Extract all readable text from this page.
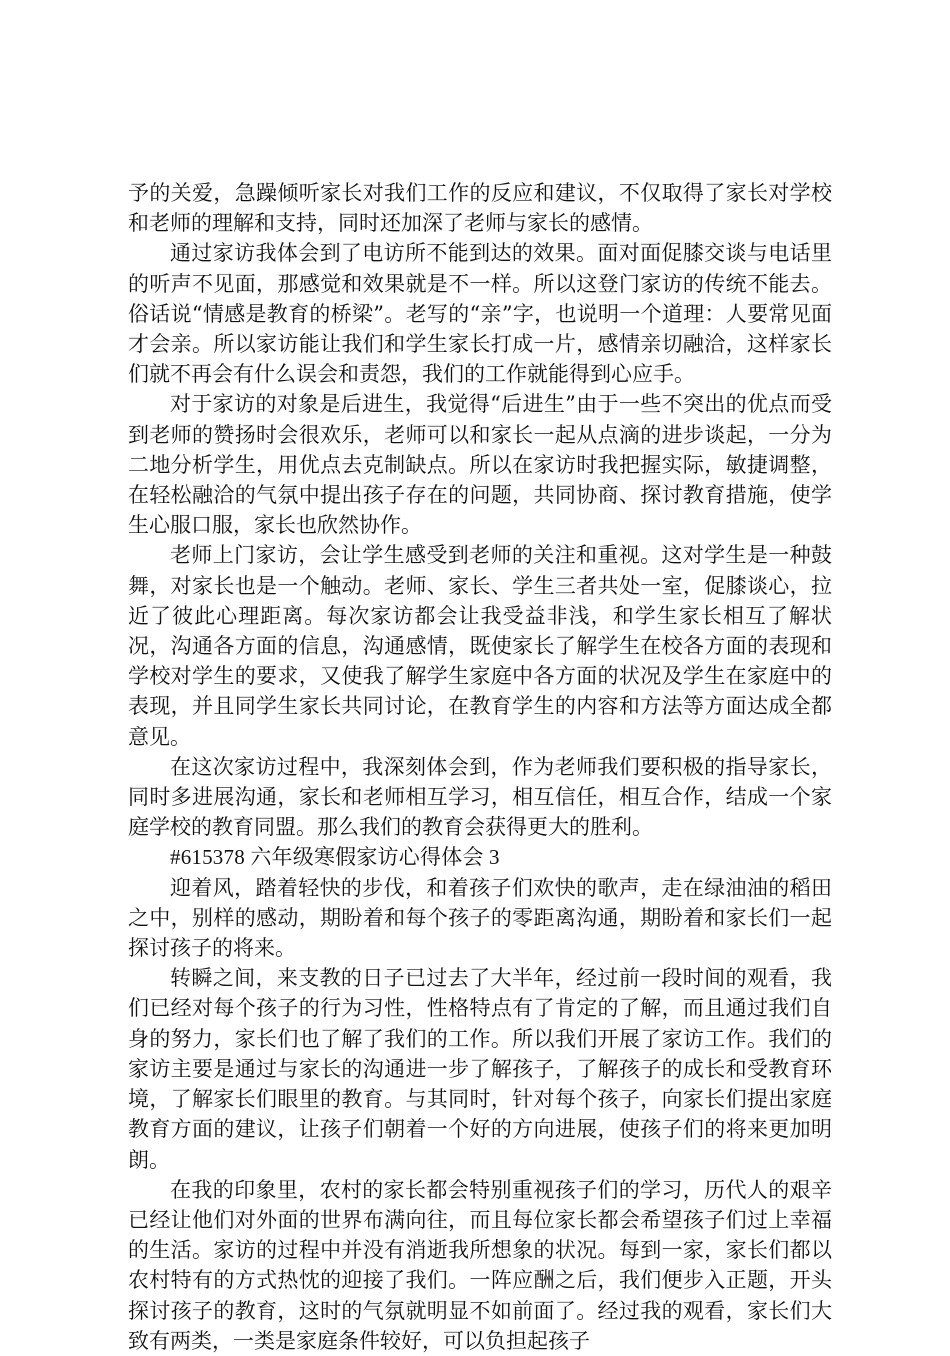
予的关爱，急躁倾听家长对我们工作的反应和建议，不仅取得了家长对学校和老师的理解和支持，同时还加深了老师与家长的感情。

通过家访我体会到了电访所不能到达的效果。面对面促膝交谈与电话里的听声不见面，那感觉和效果就是不一样。所以这登门家访的传统不能去。俗话说“情感是教育的桥梁”。老写的“亲”字，也说明一个道理：人要常见面才会亲。所以家访能让我们和学生家长打成一片，感情亲切融洽，这样家长们就不再会有什么误会和责怨，我们的工作就能得到心应手。

对于家访的对象是后进生，我觉得“后进生”由于一些不突出的优点而受到老师的赞扬时会很欢乐，老师可以和家长一起从点滴的进步谈起，一分为二地分析学生，用优点去克制缺点。所以在家访时我把握实际，敏捷调整，在轻松融洽的气氛中提出孩子存在的问题，共同协商、探讨教育措施，使学生心服口服，家长也欣然协作。

老师上门家访，会让学生感受到老师的关注和重视。这对学生是一种鼓舞，对家长也是一个触动。老师、家长、学生三者共处一室，促膝谈心，拉近了彼此心理距离。每次家访都会让我受益非浅，和学生家长相互了解状况，沟通各方面的信息，沟通感情，既使家长了解学生在校各方面的表现和学校对学生的要求，又使我了解学生家庭中各方面的状况及学生在家庭中的表现，并且同学生家长共同讨论，在教育学生的内容和方法等方面达成全都意见。

在这次家访过程中，我深刻体会到，作为老师我们要积极的指导家长，同时多进展沟通，家长和老师相互学习，相互信任，相互合作，结成一个家庭学校的教育同盟。那么我们的教育会获得更大的胜利。

#615378 六年级寒假家访心得体会 3

迎着风，踏着轻快的步伐，和着孩子们欢快的歌声，走在绿油油的稻田之中，别样的感动，期盼着和每个孩子的零距离沟通，期盼着和家长们一起探讨孩子的将来。

转瞬之间，来支教的日子已过去了大半年，经过前一段时间的观看，我们已经对每个孩子的行为习性，性格特点有了肯定的了解，而且通过我们自身的努力，家长们也了解了我们的工作。所以我们开展了家访工作。我们的家访主要是通过与家长的沟通进一步了解孩子，了解孩子的成长和受教育环境，了解家长们眼里的教育。与其同时，针对每个孩子，向家长们提出家庭教育方面的建议，让孩子们朝着一个好的方向进展，使孩子们的将来更加明朗。

在我的印象里，农村的家长都会特别重视孩子们的学习，历代人的艰辛已经让他们对外面的世界布满向往，而且每位家长都会希望孩子们过上幸福的生活。家访的过程中并没有消逝我所想象的状况。每到一家，家长们都以农村特有的方式热忱的迎接了我们。一阵应酬之后，我们便步入正题，开头探讨孩子的教育，这时的气氛就明显不如前面了。经过我的观看，家长们大致有两类，一类是家庭条件较好，可以负担起孩子
